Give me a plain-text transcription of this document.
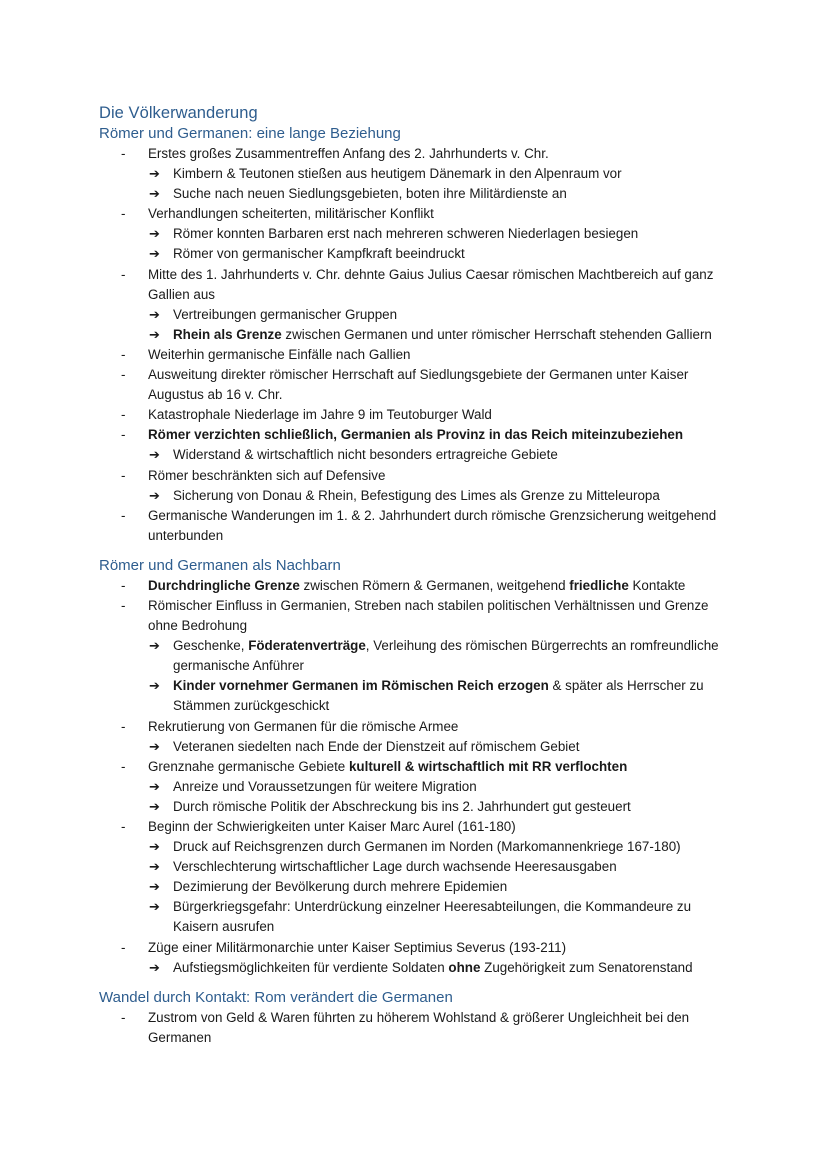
Die Völkerwanderung
Römer und Germanen: eine lange Beziehung
- Erstes großes Zusammentreffen Anfang des 2. Jahrhunderts v. Chr.
➔ Kimbern & Teutonen stießen aus heutigem Dänemark in den Alpenraum vor
➔ Suche nach neuen Siedlungsgebieten, boten ihre Militärdienste an
- Verhandlungen scheiterten, militärischer Konflikt
➔ Römer konnten Barbaren erst nach mehreren schweren Niederlagen besiegen
➔ Römer von germanischer Kampfkraft beeindruckt
- Mitte des 1. Jahrhunderts v. Chr. dehnte Gaius Julius Caesar römischen Machtbereich auf ganz Gallien aus
➔ Vertreibungen germanischer Gruppen
➔ Rhein als Grenze zwischen Germanen und unter römischer Herrschaft stehenden Galliern
- Weiterhin germanische Einfälle nach Gallien
- Ausweitung direkter römischer Herrschaft auf Siedlungsgebiete der Germanen unter Kaiser Augustus ab 16 v. Chr.
- Katastrophale Niederlage im Jahre 9 im Teutoburger Wald
- Römer verzichten schließlich, Germanien als Provinz in das Reich miteinzubeziehen
➔ Widerstand & wirtschaftlich nicht besonders ertragreiche Gebiete
- Römer beschränkten sich auf Defensive
➔ Sicherung von Donau & Rhein, Befestigung des Limes als Grenze zu Mitteleuropa
- Germanische Wanderungen im 1. & 2. Jahrhundert durch römische Grenzsicherung weitgehend unterbunden
Römer und Germanen als Nachbarn
- Durchdringliche Grenze zwischen Römern & Germanen, weitgehend friedliche Kontakte
- Römischer Einfluss in Germanien, Streben nach stabilen politischen Verhältnissen und Grenze ohne Bedrohung
➔ Geschenke, Föderatenverträge, Verleihung des römischen Bürgerrechts an romfreundliche germanische Anführer
➔ Kinder vornehmer Germanen im Römischen Reich erzogen & später als Herrscher zu Stämmen zurückgeschickt
- Rekrutierung von Germanen für die römische Armee
➔ Veteranen siedelten nach Ende der Dienstzeit auf römischem Gebiet
- Grenznahe germanische Gebiete kulturell & wirtschaftlich mit RR verflochten
➔ Anreize und Voraussetzungen für weitere Migration
➔ Durch römische Politik der Abschreckung bis ins 2. Jahrhundert gut gesteuert
- Beginn der Schwierigkeiten unter Kaiser Marc Aurel (161-180)
➔ Druck auf Reichsgrenzen durch Germanen im Norden (Markomannenkriege 167-180)
➔ Verschlechterung wirtschaftlicher Lage durch wachsende Heeresausgaben
➔ Dezimierung der Bevölkerung durch mehrere Epidemien
➔ Bürgerkriegsgefahr: Unterdrückung einzelner Heeresabteilungen, die Kommandeure zu Kaisern ausrufen
- Züge einer Militärmonarchie unter Kaiser Septimius Severus (193-211)
➔ Aufstiegsmöglichkeiten für verdiente Soldaten ohne Zugehörigkeit zum Senatorenstand
Wandel durch Kontakt: Rom verändert die Germanen
- Zustrom von Geld & Waren führten zu höherem Wohlstand & größerer Ungleichheit bei den Germanen
